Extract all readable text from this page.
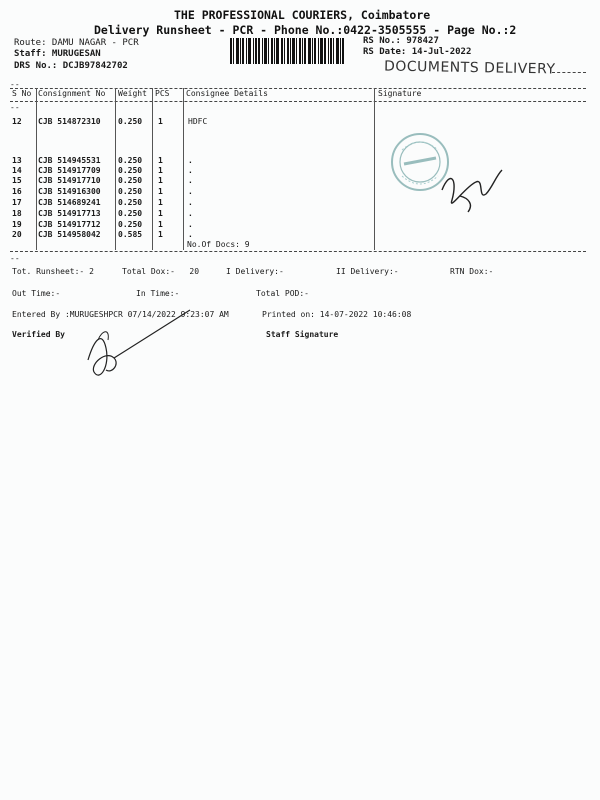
THE PROFESSIONAL COURIERS, Coimbatore
Delivery Runsheet - PCR - Phone No.:0422-3505555 - Page No.:2
Route: DAMU NAGAR - PCR
Staff: MURUGESAN
DRS No.: DCJB97842702
RS No.: 978427
RS Date: 14-Jul-2022
DOCUMENTS DELIVERY
--
S No Consignment No Weight PCS Consignee Details	Signature
--
12 CJB 514872310 0.250 1	HDFC
13 CJB 514945531 0.250 1	.
14 CJB 514917709 0.250 1	.
15 CJB 514917710 0.250 1	.
16 CJB 514916300 0.250 1	.
17 CJB 514689241 0.250 1	.
18 CJB 514917713 0.250 1	.
19 CJB 514917712 0.250 1	.
20 CJB 514958042 0.585 1	.
No.Of Docs: 9
--
Tot. Runsheet:- 2	Total Dox:-   20	I Delivery:-	II Delivery:-	RTN Dox:-
Out Time:-	In Time:-	Total POD:-
Entered By :MURUGESHPCR 07/14/2022 9:23:07 AM	Printed on: 14-07-2022 10:46:08
Verified By	Staff Signature
